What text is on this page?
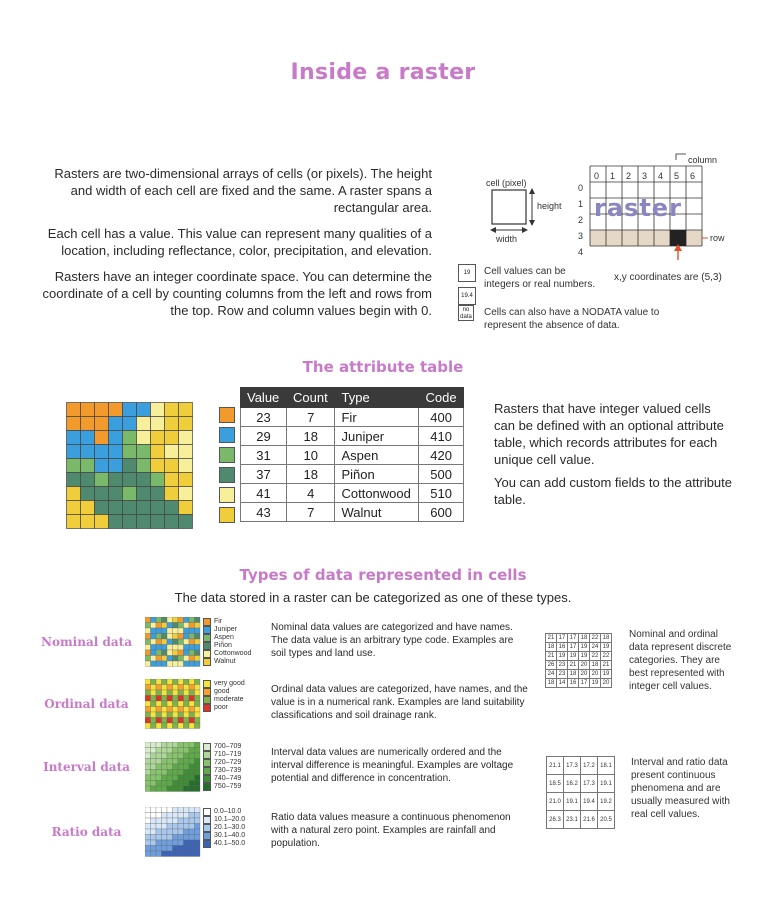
Inside a raster

Rasters are two-dimensional arrays of cells (or pixels). The height and width of each cell are fixed and the same. A raster spans a rectangular area.

Each cell has a value. This value can represent many qualities of a location, including reflectance, color, precipitation, and elevation.

Rasters have an integer coordinate space. You can determine the coordinate of a cell by counting columns from the left and rows from the top. Row and column values begin with 0.

column
cell (pixel)
height
width
raster
row
0 1 2 3 4 5 6
0
1
2
3
4
19
19.4
no data
Cell values can be integers or real numbers.
x,y coordinates are (5,3)
Cells can also have a NODATA value to represent the absence of data.
The attribute table
Value	Count	Type	Code
23	7	Fir	400
29	18	Juniper	410
31	10	Aspen	420
37	18	Piñon	500
41	4	Cottonwood	510
43	7	Walnut	600

Rasters that have integer valued cells can be defined with an optional attribute table, which records attributes for each unique cell value.

You can add custom fields to the attribute table.

Types of data represented in cells
The data stored in a raster can be categorized as one of these types.
Nominal data
Fir
Juniper
Aspen
Piñon
Cottonwood
Walnut
Nominal data values are categorized and have names. The data value is an arbitrary type code. Examples are soil types and land use.
Ordinal data
very good
good
moderate
poor
Ordinal data values are categorized, have names, and the value is in a numerical rank. Examples are land suitability classifications and soil drainage rank.
Interval data
700–709
710–719
720–729
730–739
740–749
750–759
Interval data values are numerically ordered and the interval difference is meaningful. Examples are voltage potential and difference in concentration.
Ratio data
0.0–10.0
10.1–20.0
20.1–30.0
30.1–40.0
40.1–50.0
Ratio data values measure a continuous phenomenon with a natural zero point. Examples are rainfall and population.
21	17	17	18	22	18
18	16	17	19	24	19
21	19	19	19	22	22
26	23	21	20	18	21
24	23	18	20	20	19
18	14	16	17	19	20
21.1	17.3	17.2	18.1
18.5	16.2	17.3	19.1
21.0	19.1	19.4	19.2
26.3	23.1	21.6	20.5
Nominal and ordinal data represent discrete categories. They are best represented with integer cell values.
Interval and ratio data present continuous phenomena and are usually measured with real cell values.
